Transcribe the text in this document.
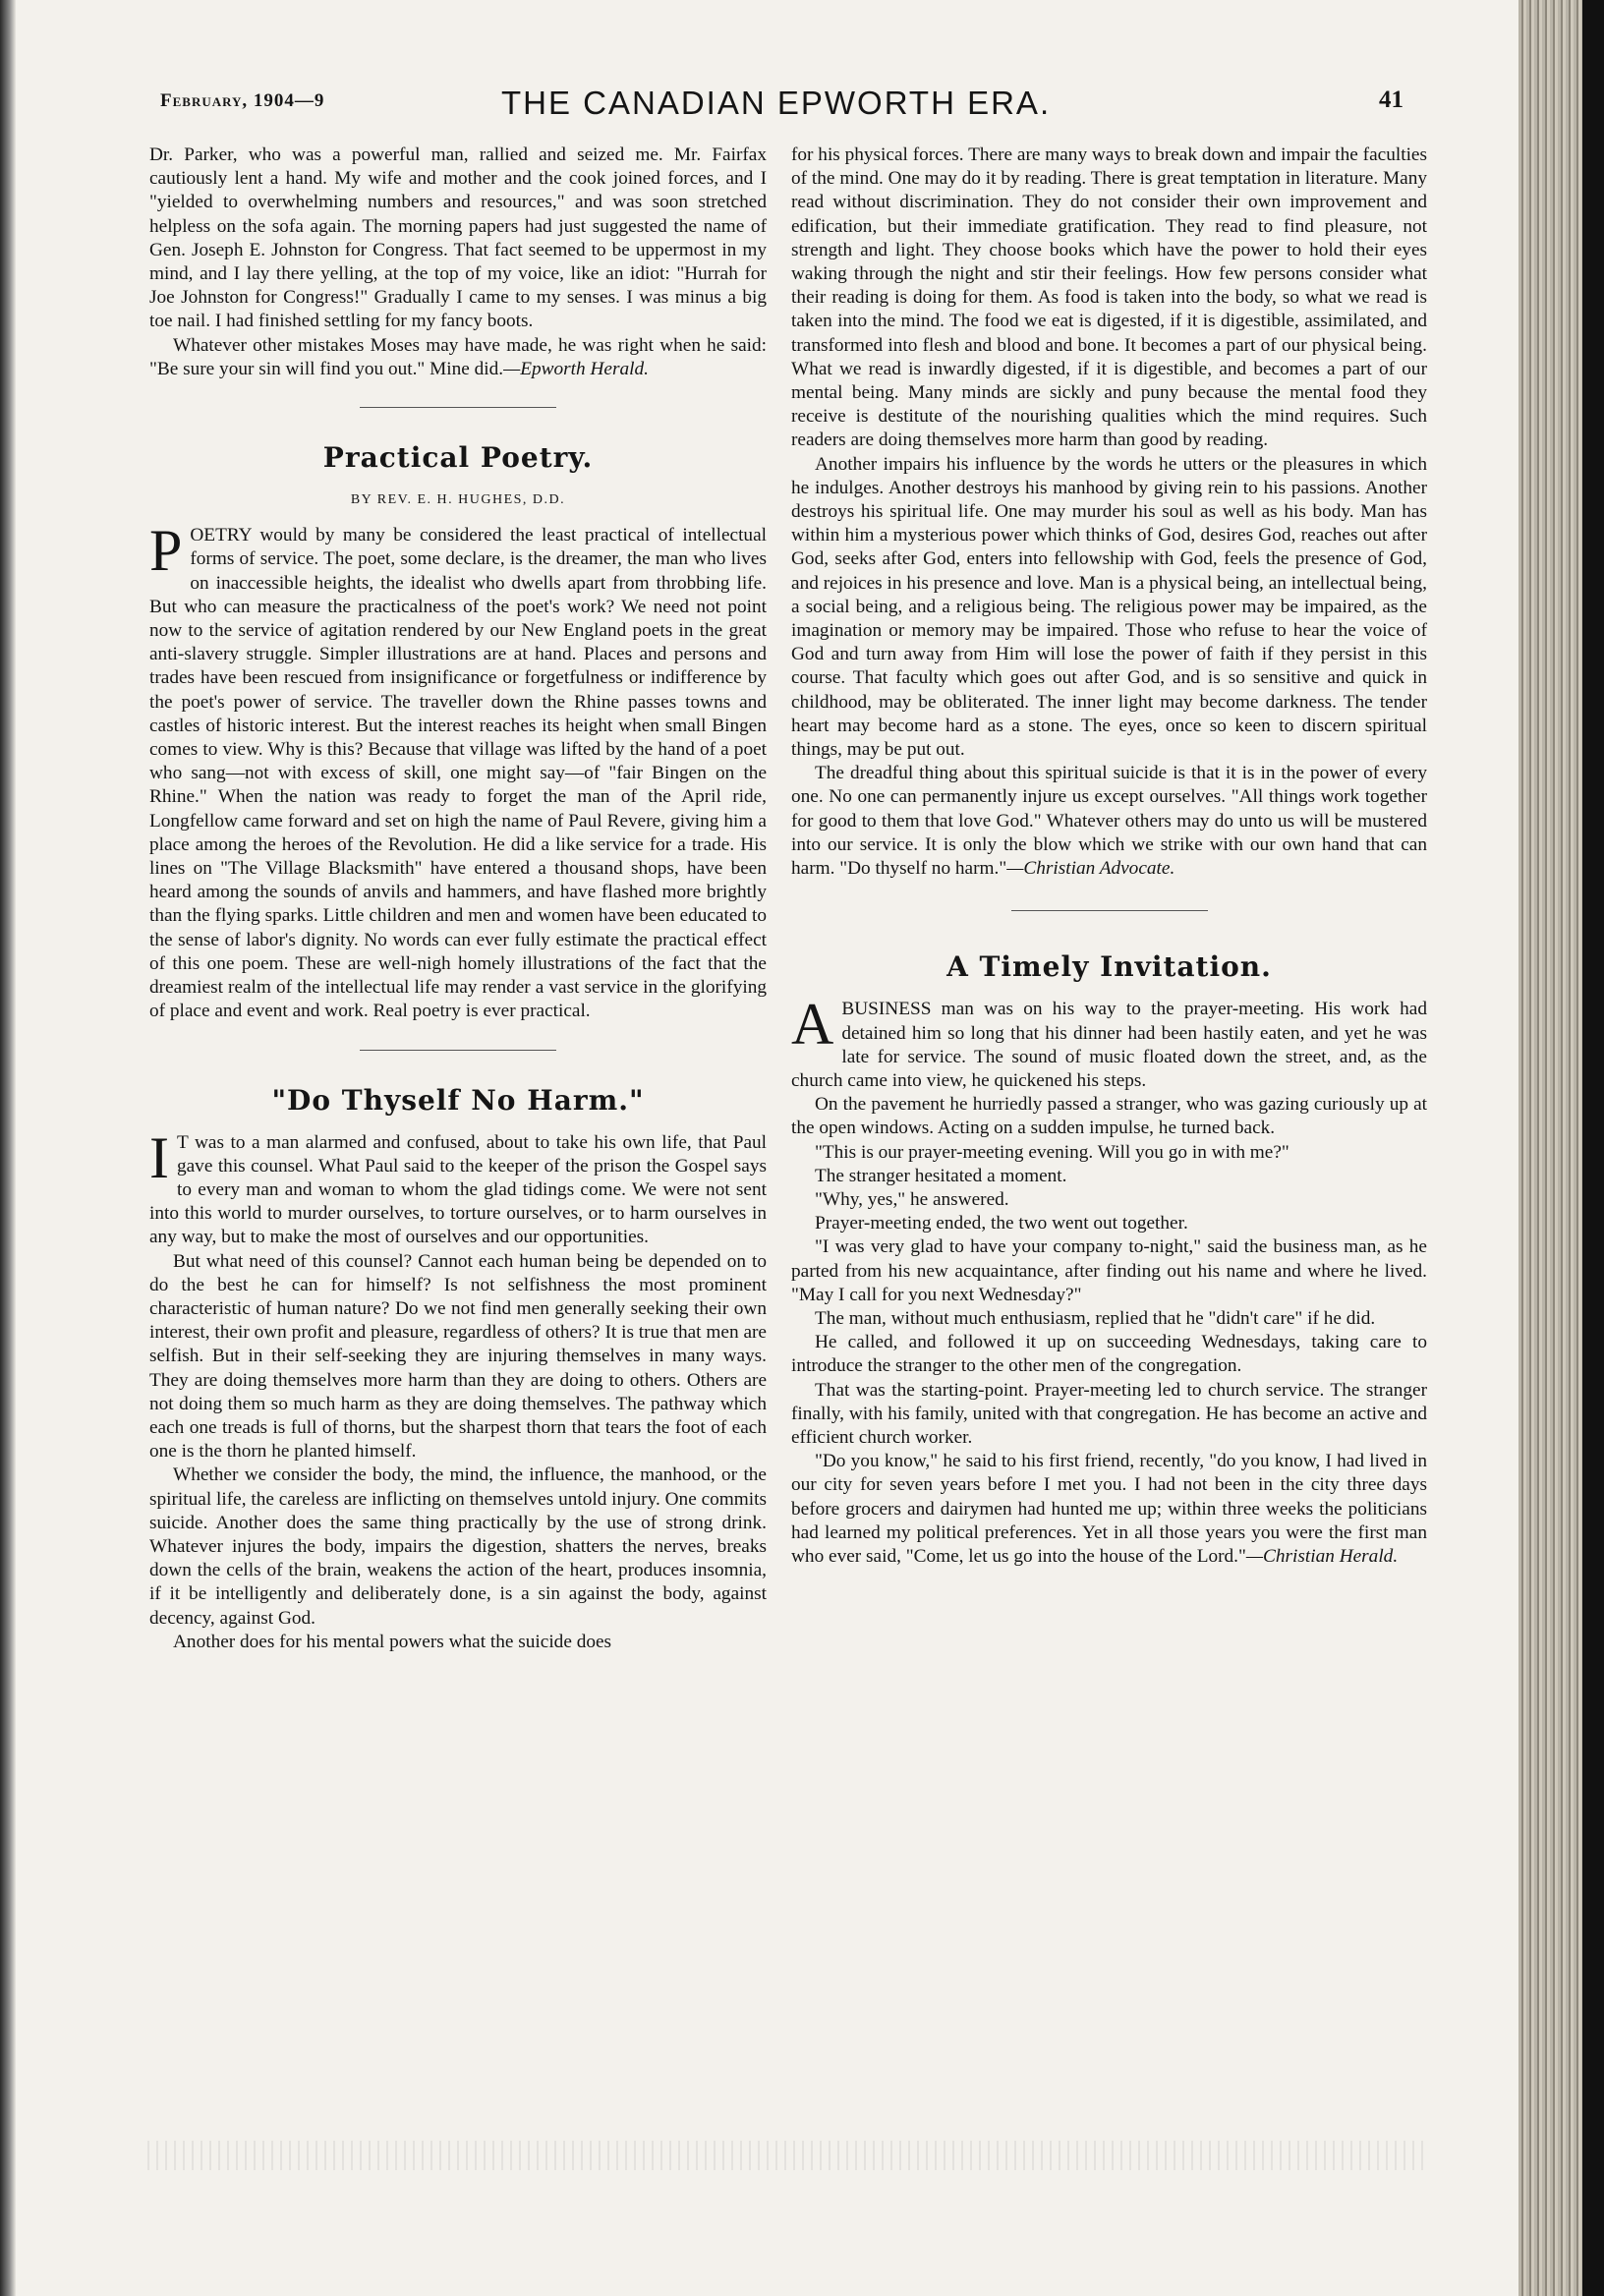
February, 1904—9	THE CANADIAN EPWORTH ERA.	41

Dr. Parker, who was a powerful man, rallied and seized me. Mr. Fairfax cautiously lent a hand. My wife and mother and the cook joined forces, and I "yielded to overwhelming numbers and resources," and was soon stretched helpless on the sofa again. The morning papers had just suggested the name of Gen. Joseph E. Johnston for Congress. That fact seemed to be uppermost in my mind, and I lay there yelling, at the top of my voice, like an idiot: "Hurrah for Joe Johnston for Congress!" Gradually I came to my senses. I was minus a big toe nail. I had finished settling for my fancy boots.

Whatever other mistakes Moses may have made, he was right when he said: "Be sure your sin will find you out." Mine did.—Epworth Herald.

Practical Poetry.
BY REV. E. H. HUGHES, D.D.

POETRY would by many be considered the least practical of intellectual forms of service. The poet, some declare, is the dreamer, the man who lives on inaccessible heights, the idealist who dwells apart from throbbing life. But who can measure the practicalness of the poet's work? We need not point now to the service of agitation rendered by our New England poets in the great anti-slavery struggle. Simpler illustrations are at hand. Places and persons and trades have been rescued from insignificance or forgetfulness or indifference by the poet's power of service. The traveller down the Rhine passes towns and castles of historic interest. But the interest reaches its height when small Bingen comes to view. Why is this? Because that village was lifted by the hand of a poet who sang—not with excess of skill, one might say—of "fair Bingen on the Rhine." When the nation was ready to forget the man of the April ride, Longfellow came forward and set on high the name of Paul Revere, giving him a place among the heroes of the Revolution. He did a like service for a trade. His lines on "The Village Blacksmith" have entered a thousand shops, have been heard among the sounds of anvils and hammers, and have flashed more brightly than the flying sparks. Little children and men and women have been educated to the sense of labor's dignity. No words can ever fully estimate the practical effect of this one poem. These are well-nigh homely illustrations of the fact that the dreamiest realm of the intellectual life may render a vast service in the glorifying of place and event and work. Real poetry is ever practical.

"Do Thyself No Harm."

I T was to a man alarmed and confused, about to take his own life, that Paul gave this counsel. What Paul said to the keeper of the prison the Gospel says to every man and woman to whom the glad tidings come. We were not sent into this world to murder ourselves, to torture ourselves, or to harm ourselves in any way, but to make the most of ourselves and our opportunities.

But what need of this counsel? Cannot each human being be depended on to do the best he can for himself? Is not selfishness the most prominent characteristic of human nature? Do we not find men generally seeking their own interest, their own profit and pleasure, regardless of others? It is true that men are selfish. But in their self-seeking they are injuring themselves in many ways. They are doing themselves more harm than they are doing to others. Others are not doing them so much harm as they are doing themselves. The pathway which each one treads is full of thorns, but the sharpest thorn that tears the foot of each one is the thorn he planted himself.

Whether we consider the body, the mind, the influence, the manhood, or the spiritual life, the careless are inflicting on themselves untold injury. One commits suicide. Another does the same thing practically by the use of strong drink. Whatever injures the body, impairs the digestion, shatters the nerves, breaks down the cells of the brain, weakens the action of the heart, produces insomnia, if it be intelligently and deliberately done, is a sin against the body, against decency, against God.

Another does for his mental powers what the suicide does

for his physical forces. There are many ways to break down and impair the faculties of the mind. One may do it by reading. There is great temptation in literature. Many read without discrimination. They do not consider their own improvement and edification, but their immediate gratification. They read to find pleasure, not strength and light. They choose books which have the power to hold their eyes waking through the night and stir their feelings. How few persons consider what their reading is doing for them. As food is taken into the body, so what we read is taken into the mind. The food we eat is digested, if it is digestible, assimilated, and transformed into flesh and blood and bone. It becomes a part of our physical being. What we read is inwardly digested, if it is digestible, and becomes a part of our mental being. Many minds are sickly and puny because the mental food they receive is destitute of the nourishing qualities which the mind requires. Such readers are doing themselves more harm than good by reading.

Another impairs his influence by the words he utters or the pleasures in which he indulges. Another destroys his manhood by giving rein to his passions. Another destroys his spiritual life. One may murder his soul as well as his body. Man has within him a mysterious power which thinks of God, desires God, reaches out after God, seeks after God, enters into fellowship with God, feels the presence of God, and rejoices in his presence and love. Man is a physical being, an intellectual being, a social being, and a religious being. The religious power may be impaired, as the imagination or memory may be impaired. Those who refuse to hear the voice of God and turn away from Him will lose the power of faith if they persist in this course. That faculty which goes out after God, and is so sensitive and quick in childhood, may be obliterated. The inner light may become darkness. The tender heart may become hard as a stone. The eyes, once so keen to discern spiritual things, may be put out.

The dreadful thing about this spiritual suicide is that it is in the power of every one. No one can permanently injure us except ourselves. "All things work together for good to them that love God." Whatever others may do unto us will be mustered into our service. It is only the blow which we strike with our own hand that can harm. "Do thyself no harm."—Christian Advocate.

A Timely Invitation.

A BUSINESS man was on his way to the prayer-meeting. His work had detained him so long that his dinner had been hastily eaten, and yet he was late for service. The sound of music floated down the street, and, as the church came into view, he quickened his steps.

On the pavement he hurriedly passed a stranger, who was gazing curiously up at the open windows. Acting on a sudden impulse, he turned back.

"This is our prayer-meeting evening. Will you go in with me?"

The stranger hesitated a moment.

"Why, yes," he answered.

Prayer-meeting ended, the two went out together.

"I was very glad to have your company to-night," said the business man, as he parted from his new acquaintance, after finding out his name and where he lived. "May I call for you next Wednesday?"

The man, without much enthusiasm, replied that he "didn't care" if he did.

He called, and followed it up on succeeding Wednesdays, taking care to introduce the stranger to the other men of the congregation.

That was the starting-point. Prayer-meeting led to church service. The stranger finally, with his family, united with that congregation. He has become an active and efficient church worker.

"Do you know," he said to his first friend, recently, "do you know, I had lived in our city for seven years before I met you. I had not been in the city three days before grocers and dairymen had hunted me up; within three weeks the politicians had learned my political preferences. Yet in all those years you were the first man who ever said, "Come, let us go into the house of the Lord."—Christian Herald.
